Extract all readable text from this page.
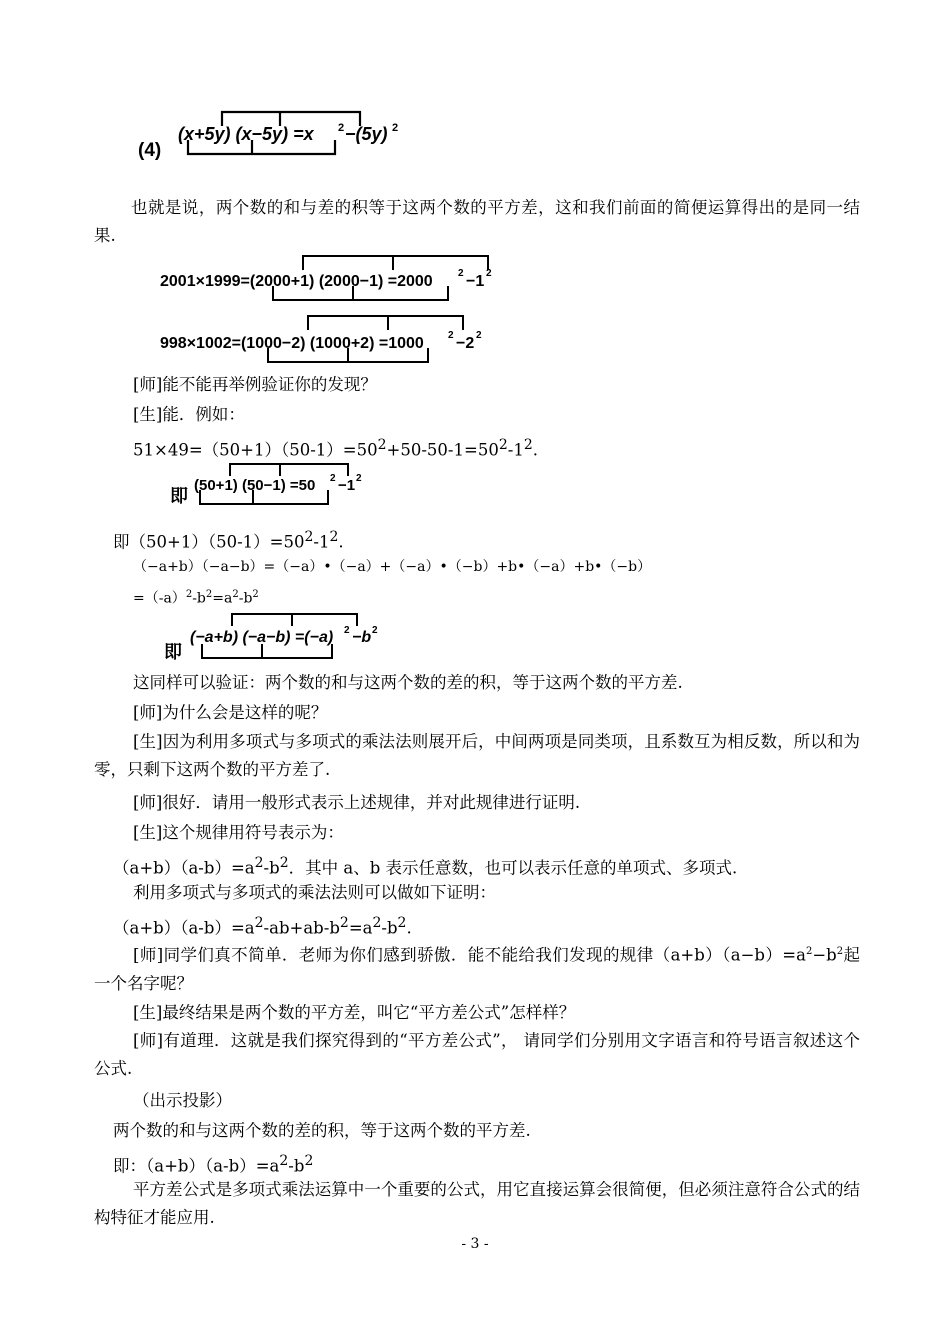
(4)
(x+5y) (x−5y) =x 2 −(5y) 2

也就是说，两个数的和与差的积等于这两个数的平方差，这和我们前面的简便运算得出的是同一结果.

2001×1999=(2000+1) (2000−1) =2000	2 −1 2
998×1002=(1000−2) (1000+2) =1000 2 −2 2

[师]能不能再举例验证你的发现？

[生]能．例如：

$51\times 49=(50+1)(50-1)=50^2+50-50-1=50^2-1^2$.

即
(50+1) (50−1) =50 2 −1 2

即$(50+1)(50-1)=50^2-1^2$.

（−a+b）（−a−b）=（−a）•（−a）+（−a）•（−b）+b•（−a）+b•（−b）

$=(-a)^2-b^2=a^2-b^2$

即
(−a+b) (−a−b) =(−a) 2 −b 2

这同样可以验证：两个数的和与这两个数的差的积，等于这两个数的平方差.

[师]为什么会是这样的呢？

[生]因为利用多项式与多项式的乘法法则展开后，中间两项是同类项，且系数互为相反数，所以和为零，只剩下这两个数的平方差了.

[师]很好．请用一般形式表示上述规律，并对此规律进行证明.

[生]这个规律用符号表示为：

$(a+b)(a-b)=a^2-b^2$．其中 a、b 表示任意数，也可以表示任意的单项式、多项式.

利用多项式与多项式的乘法法则可以做如下证明：

$(a+b)(a-b)=a^2-ab+ab-b^2=a^2-b^2$.

[师]同学们真不简单．老师为你们感到骄傲．能不能给我们发现的规律$(a+b)(a-b)=a^2-b^2$起一个名字呢？

[生]最终结果是两个数的平方差，叫它“平方差公式”怎样样？

[师]有道理．这就是我们探究得到的“平方差公式”， 请同学们分别用文字语言和符号语言叙述这个公式.

（出示投影）

两个数的和与这两个数的差的积，等于这两个数的平方差.

即：$(a+b)(a-b)=a^2-b^2$

平方差公式是多项式乘法运算中一个重要的公式，用它直接运算会很简便，但必须注意符合公式的结构特征才能应用.

- 3 -
